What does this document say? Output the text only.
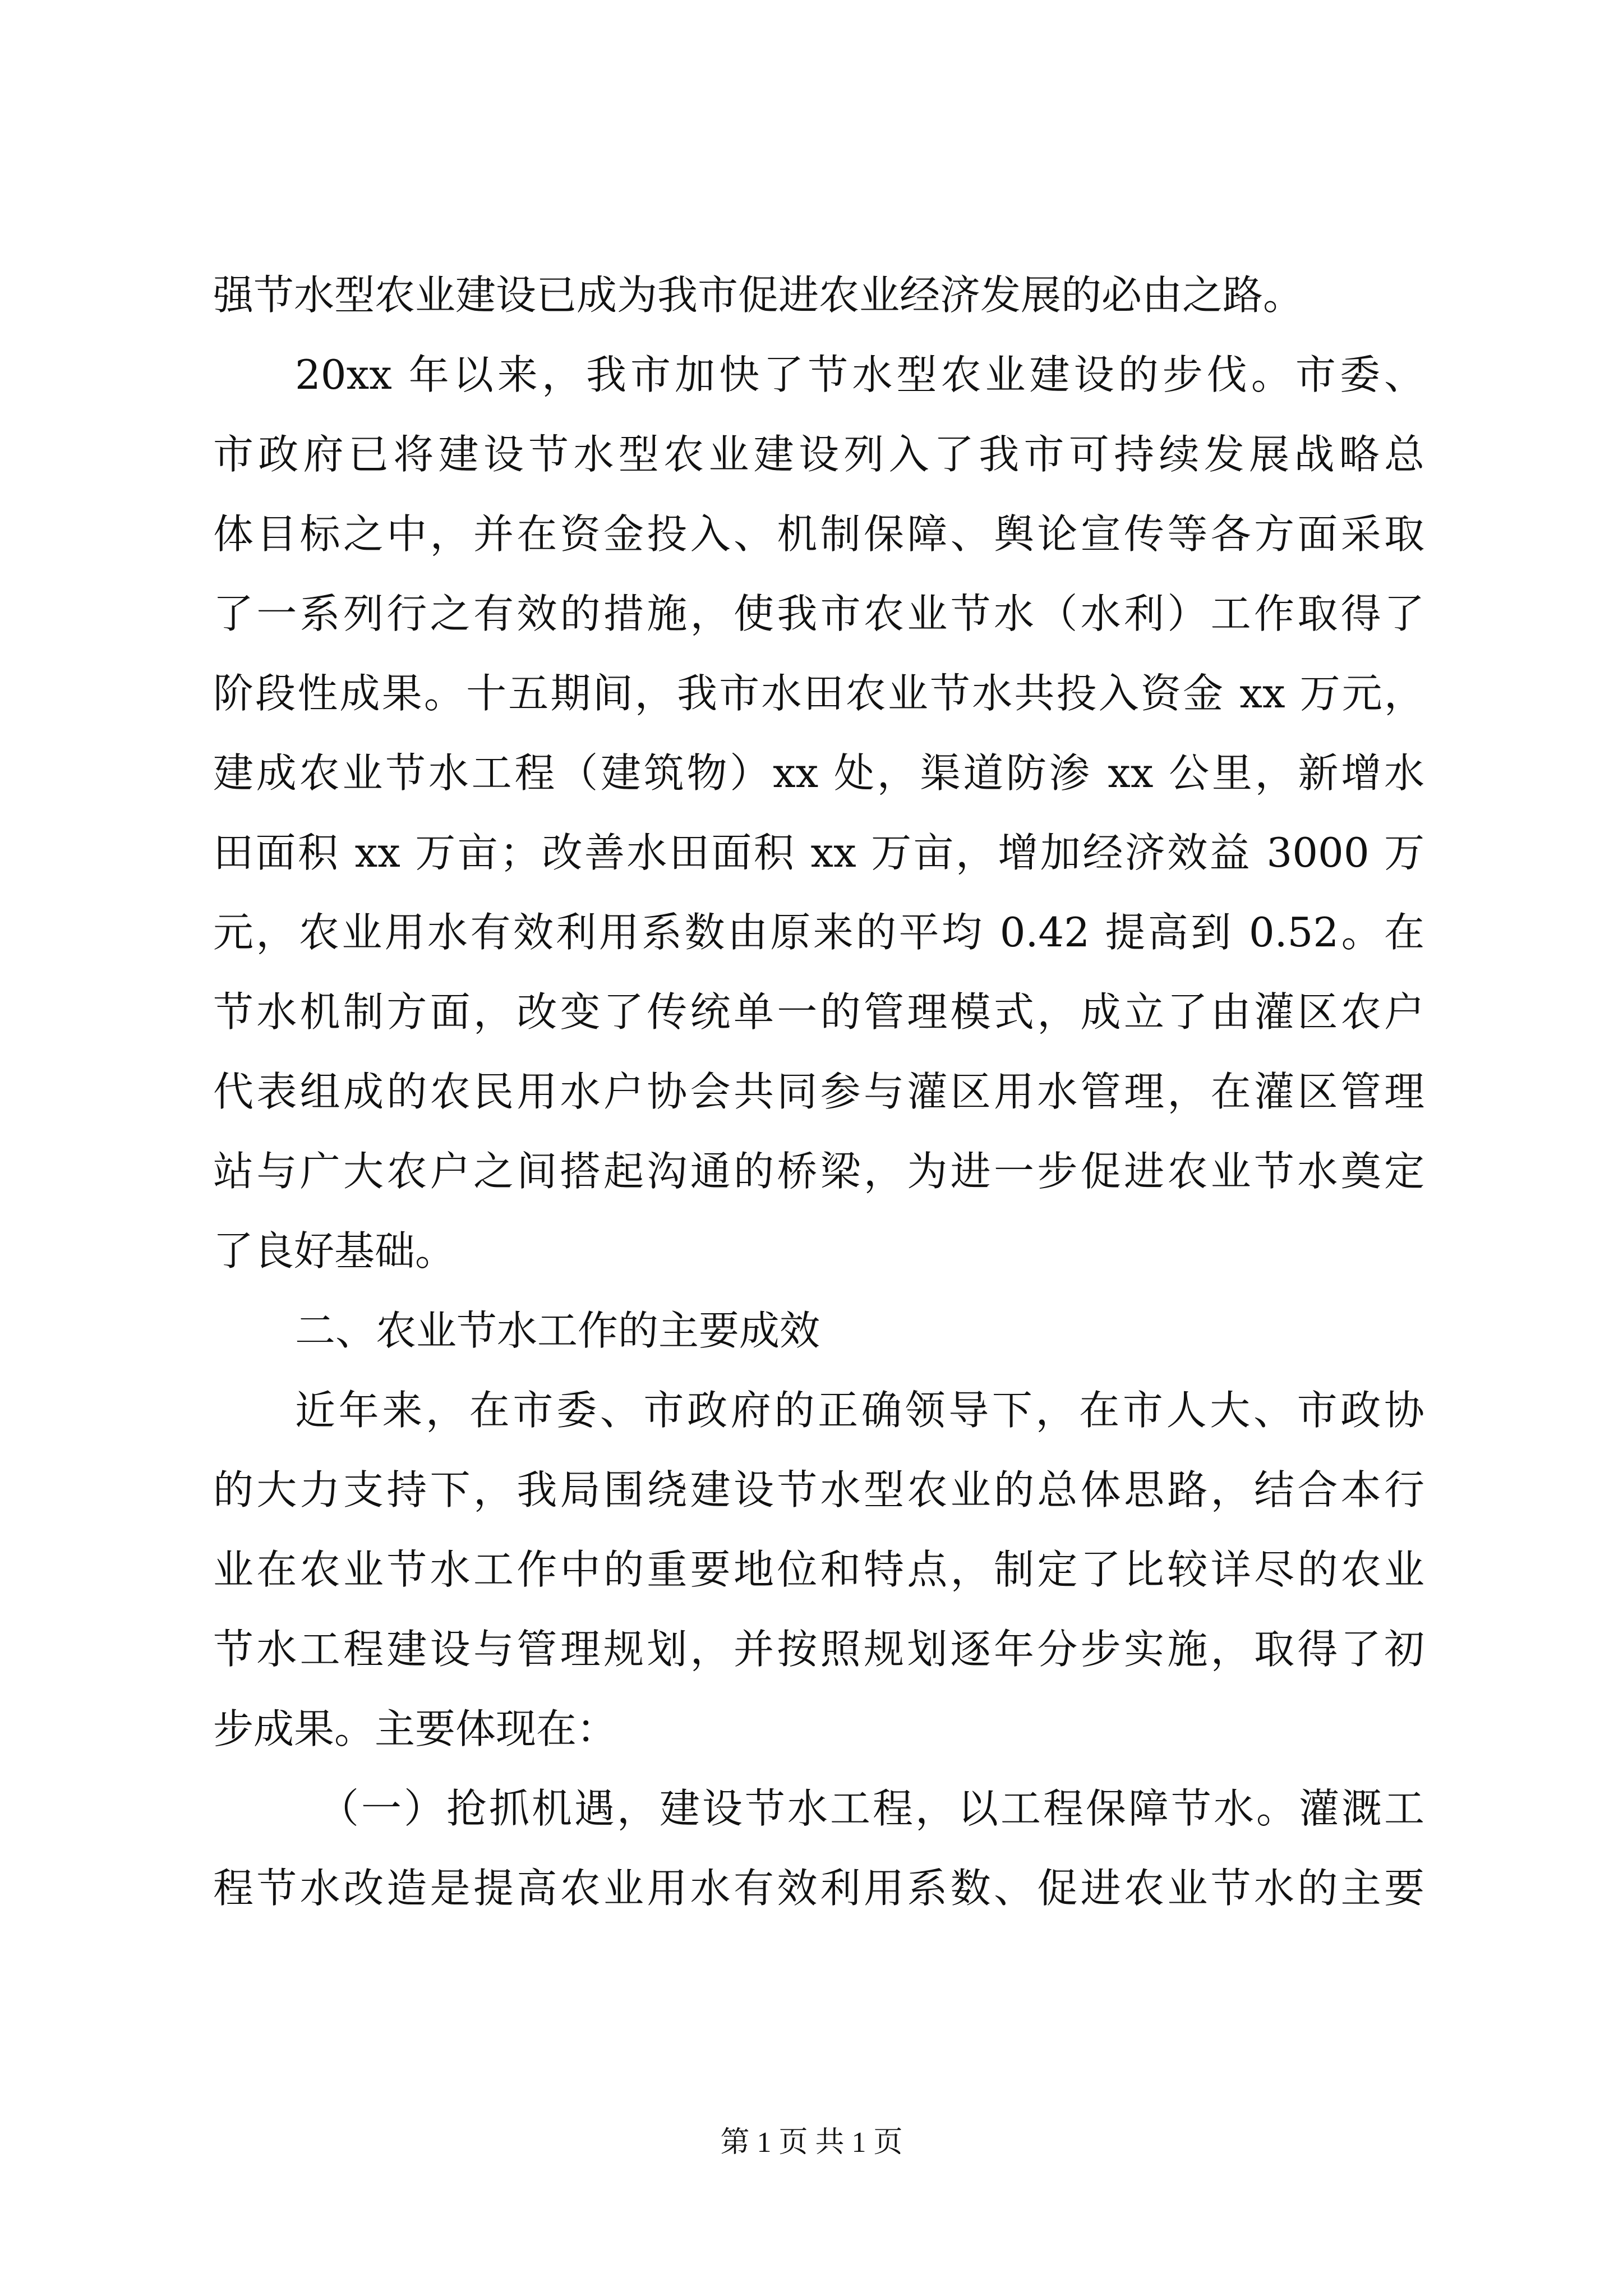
强节水型农业建设已成为我市促进农业经济发展的必由之路。
20xx 年以来，我市加快了节水型农业建设的步伐。市委、
市政府已将建设节水型农业建设列入了我市可持续发展战略总
体目标之中，并在资金投入、机制保障、舆论宣传等各方面采取
了一系列行之有效的措施，使我市农业节水（水利）工作取得了
阶段性成果。十五期间，我市水田农业节水共投入资金 xx 万元，
建成农业节水工程（建筑物）xx 处，渠道防渗 xx 公里，新增水
田面积 xx 万亩；改善水田面积 xx 万亩，增加经济效益 3000 万
元，农业用水有效利用系数由原来的平均 0.42 提高到 0.52。在
节水机制方面，改变了传统单一的管理模式，成立了由灌区农户
代表组成的农民用水户协会共同参与灌区用水管理，在灌区管理
站与广大农户之间搭起沟通的桥梁，为进一步促进农业节水奠定
了良好基础。
二、农业节水工作的主要成效
近年来，在市委、市政府的正确领导下，在市人大、市政协
的大力支持下，我局围绕建设节水型农业的总体思路，结合本行
业在农业节水工作中的重要地位和特点，制定了比较详尽的农业
节水工程建设与管理规划，并按照规划逐年分步实施，取得了初
步成果。主要体现在：
（一）抢抓机遇，建设节水工程，以工程保障节水。灌溉工
程节水改造是提高农业用水有效利用系数、促进农业节水的主要
第 1 页 共 1 页
